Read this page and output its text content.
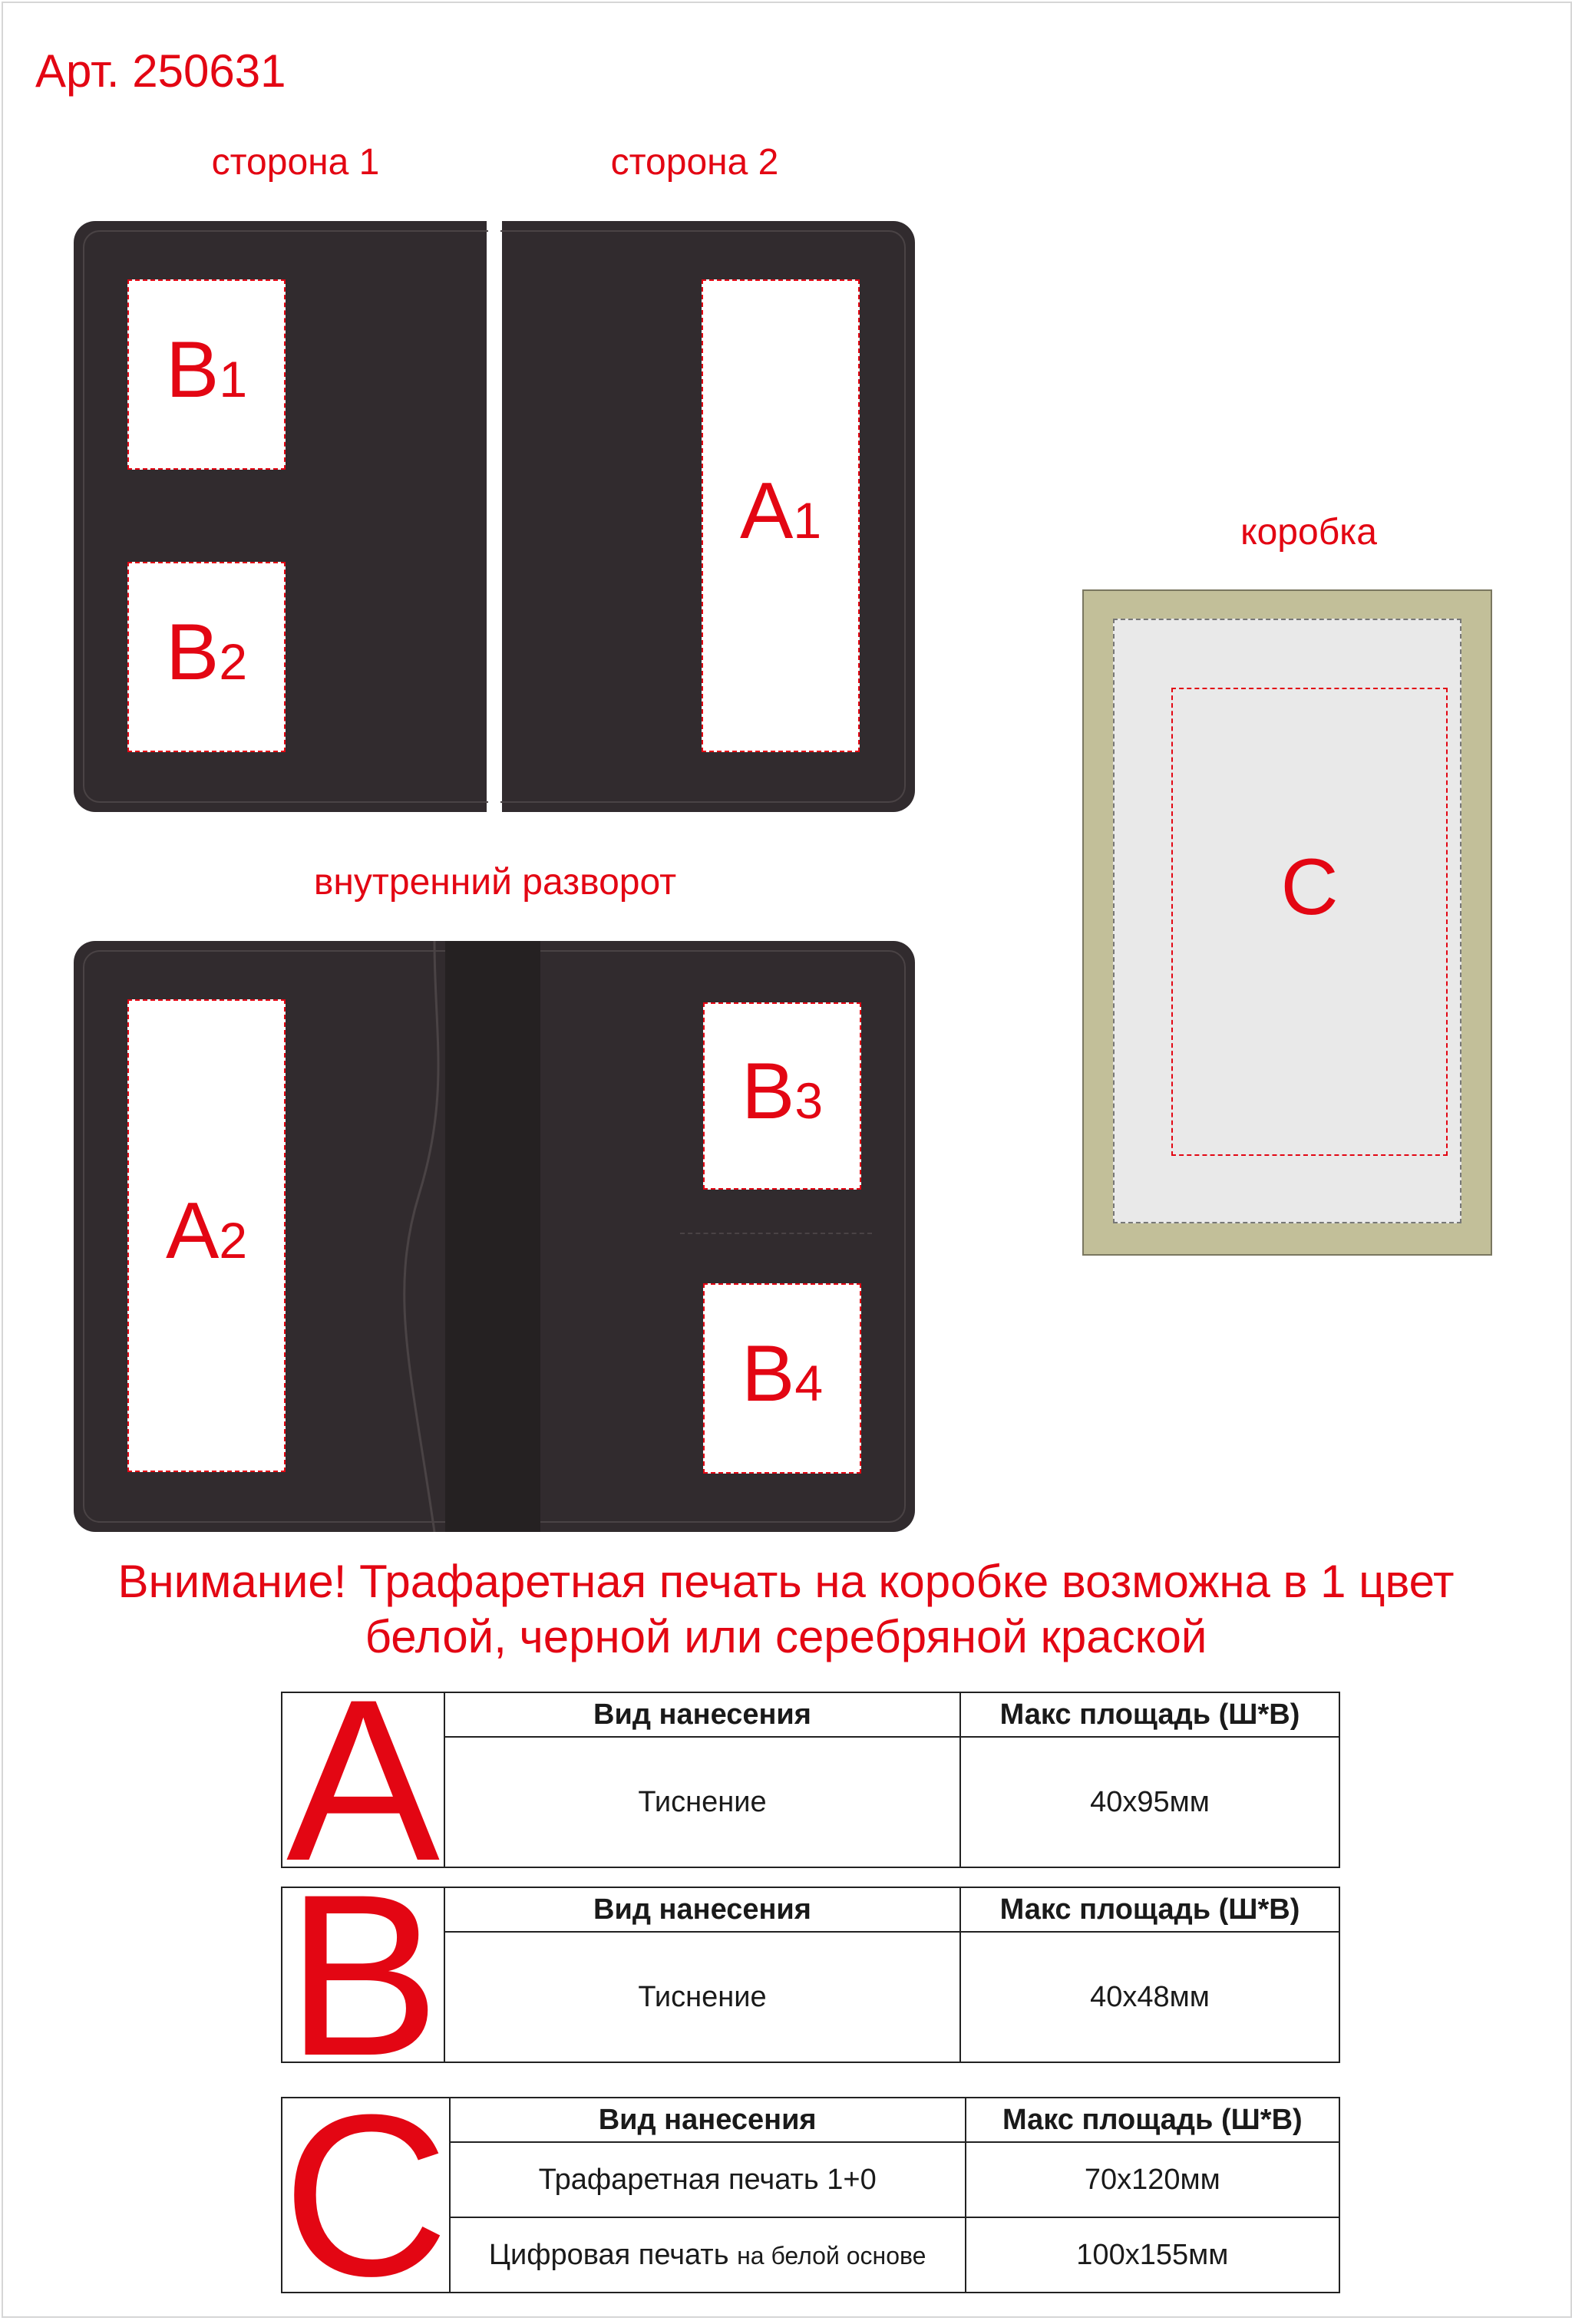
Арт. 250631
сторона 1	сторона 2
B1
B2
A1
внутренний разворот
A2
B3
B4
коробка
C
Внимание! Трафаретная печать на коробке возможна в 1 цвет
белой, черной или серебряной краской
A	Вид нанесения	Макс площадь (Ш*В)
	Тиснение	40x95мм
B	Вид нанесения	Макс площадь (Ш*В)
	Тиснение	40x48мм
C	Вид нанесения	Макс площадь (Ш*В)
	Трафаретная печать 1+0	70x120мм
	Цифровая печать на белой основе	100x155мм
